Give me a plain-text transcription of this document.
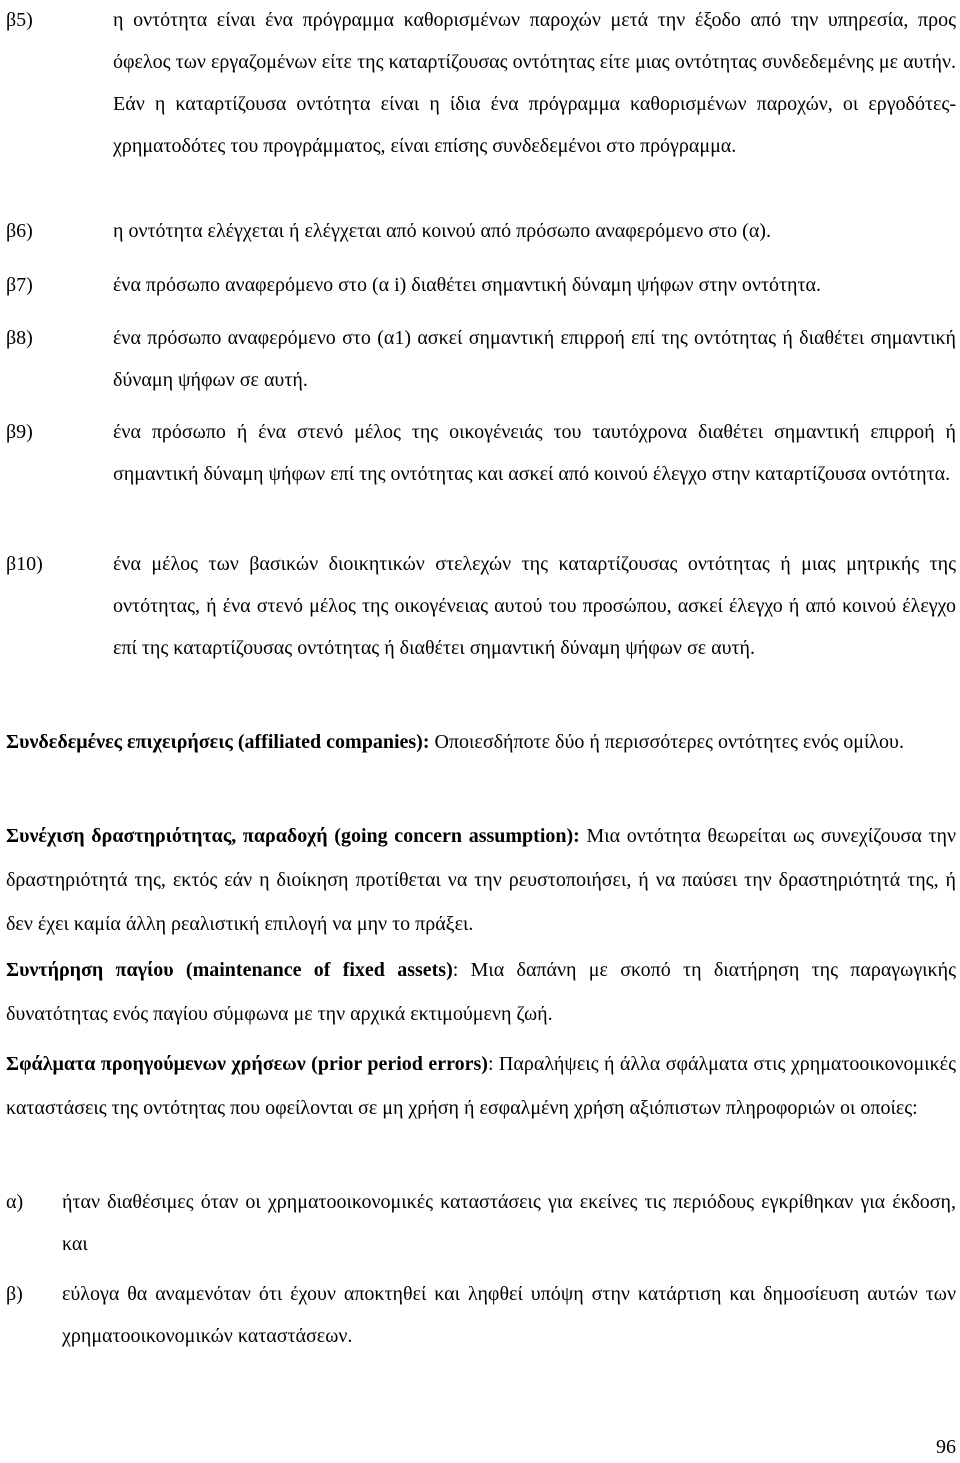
β5)	η οντότητα είναι ένα πρόγραμμα καθορισμένων παροχών μετά την έξοδο από την υπηρεσία, προς όφελος των εργαζομένων είτε της καταρτίζουσας οντότητας είτε μιας οντότητας συνδεδεμένης με αυτήν. Εάν η καταρτίζουσα οντότητα είναι η ίδια ένα πρόγραμμα καθορισμένων παροχών, οι εργοδότες-χρηματοδότες του προγράμματος, είναι επίσης συνδεδεμένοι στο πρόγραμμα.
β6)	η οντότητα ελέγχεται ή ελέγχεται από κοινού από πρόσωπο αναφερόμενο στο (α).
β7)	ένα πρόσωπο αναφερόμενο στο (α i) διαθέτει σημαντική δύναμη ψήφων στην οντότητα.
β8)	ένα πρόσωπο αναφερόμενο στο (α1) ασκεί σημαντική επιρροή επί της οντότητας ή διαθέτει σημαντική δύναμη ψήφων σε αυτή.
β9)	ένα πρόσωπο ή ένα στενό μέλος της οικογένειάς του ταυτόχρονα διαθέτει σημαντική επιρροή ή σημαντική δύναμη ψήφων επί της οντότητας και ασκεί από κοινού έλεγχο στην καταρτίζουσα οντότητα.
β10)	ένα μέλος των βασικών διοικητικών στελεχών της καταρτίζουσας οντότητας ή μιας μητρικής της οντότητας, ή ένα στενό μέλος της οικογένειας αυτού του προσώπου, ασκεί έλεγχο ή από κοινού έλεγχο επί της καταρτίζουσας οντότητας ή διαθέτει σημαντική δύναμη ψήφων σε αυτή.
Συνδεδεμένες επιχειρήσεις (affiliated companies): Οποιεσδήποτε δύο ή περισσότερες οντότητες ενός ομίλου.
Συνέχιση δραστηριότητας, παραδοχή (going concern assumption): Μια οντότητα θεωρείται ως συνεχίζουσα την δραστηριότητά της, εκτός εάν η διοίκηση προτίθεται να την ρευστοποιήσει, ή να παύσει την δραστηριότητά της, ή δεν έχει καμία άλλη ρεαλιστική επιλογή να μην το πράξει.
Συντήρηση παγίου (maintenance of fixed assets): Μια δαπάνη με σκοπό τη διατήρηση της παραγωγικής δυνατότητας ενός παγίου σύμφωνα με την αρχικά εκτιμούμενη ζωή.
Σφάλματα προηγούμενων χρήσεων (prior period errors): Παραλήψεις ή άλλα σφάλματα στις χρηματοοικονομικές καταστάσεις της οντότητας που οφείλονται σε μη χρήση ή εσφαλμένη χρήση αξιόπιστων πληροφοριών οι οποίες:
α) ήταν διαθέσιμες όταν οι χρηματοοικονομικές καταστάσεις για εκείνες τις περιόδους εγκρίθηκαν για έκδοση, και
β) εύλογα θα αναμενόταν ότι έχουν αποκτηθεί και ληφθεί υπόψη στην κατάρτιση και δημοσίευση αυτών των χρηματοοικονομικών καταστάσεων.
96
